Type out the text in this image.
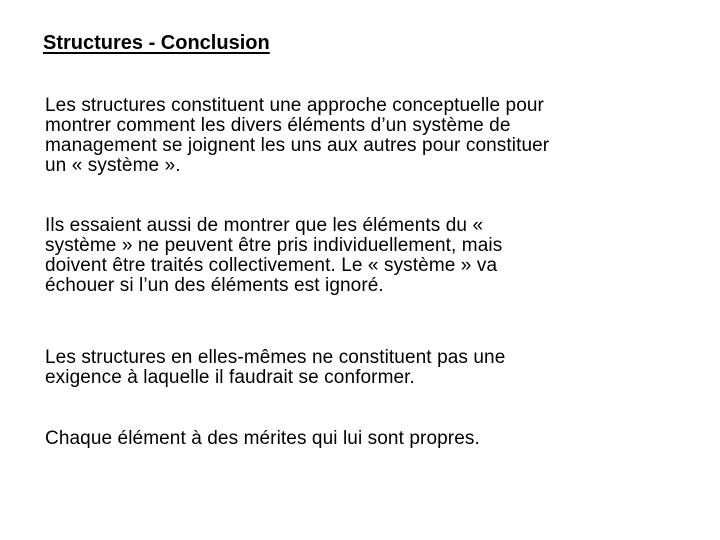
Structures - Conclusion
Les structures constituent une approche conceptuelle pour
montrer comment les divers éléments d’un système de
management se joignent les uns aux autres pour constituer
un « système ».
Ils essaient aussi de montrer que les éléments du «
système » ne peuvent être pris individuellement, mais
doivent être traités collectivement. Le « système » va
échouer si l’un des éléments est ignoré.
Les structures en elles-mêmes ne constituent pas une
exigence à laquelle il faudrait se conformer.
Chaque élément à des mérites qui lui sont propres.
